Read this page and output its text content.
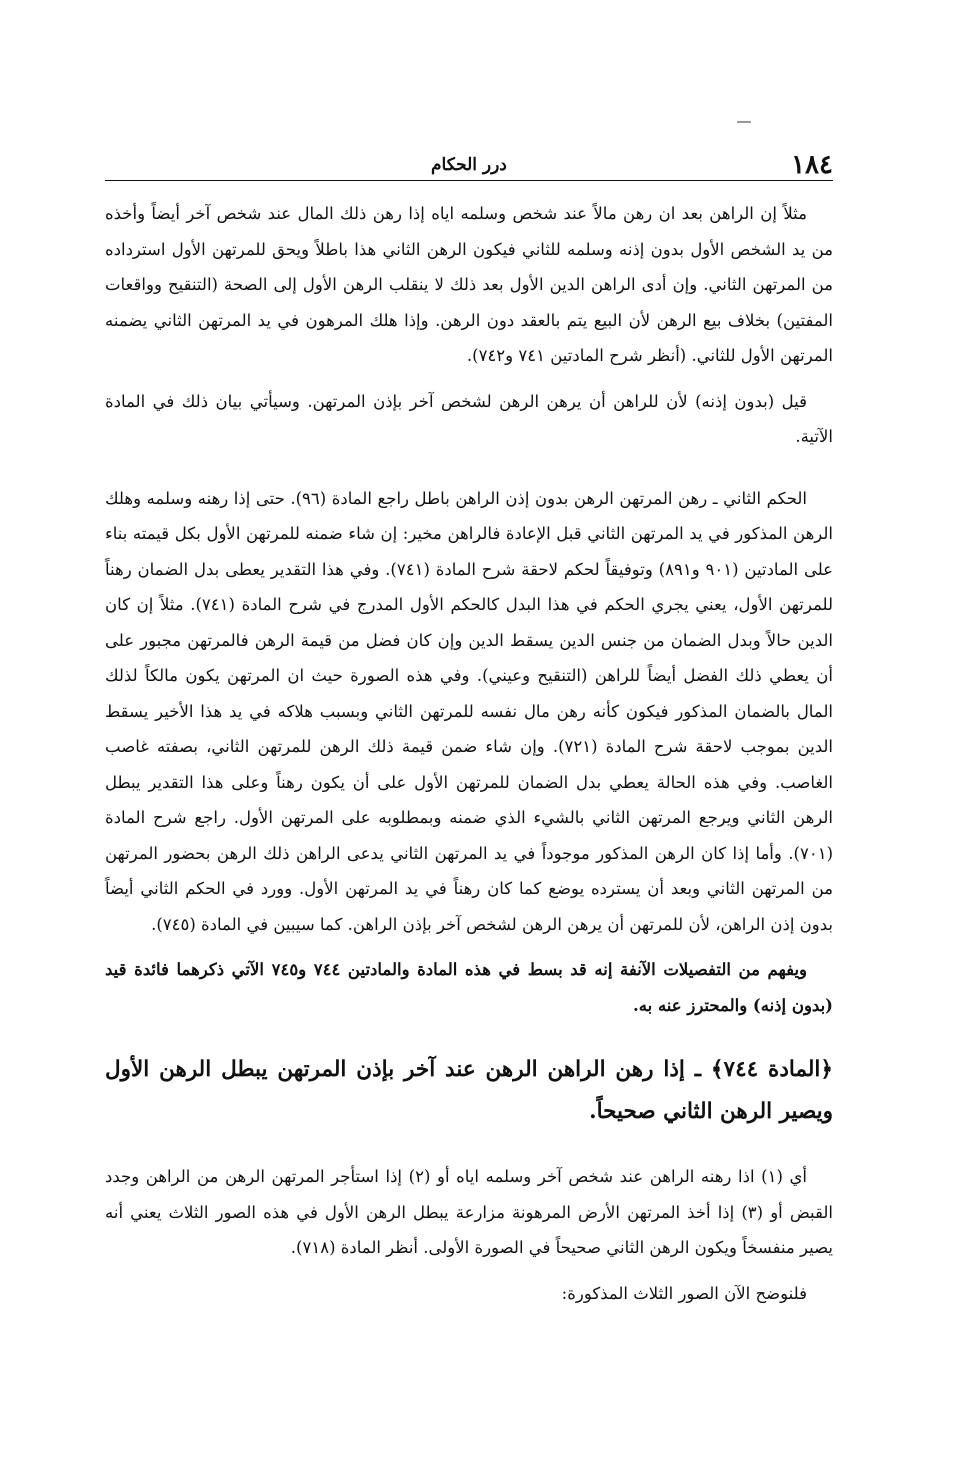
١٨٤
درر الحكام

مثلاً إن الراهن بعد ان رهن مالاً عند شخص وسلمه اياه إذا رهن ذلك المال عند شخص آخر أيضاً وأخذه من يد الشخص الأول بدون إذنه وسلمه للثاني فيكون الرهن الثاني هذا باطلاً ويحق للمرتهن الأول استرداده من المرتهن الثاني. وإن أدى الراهن الدين الأول بعد ذلك لا ينقلب الرهن الأول إلى الصحة (التنقيح وواقعات المفتين) بخلاف بيع الرهن لأن البيع يتم بالعقد دون الرهن. وإذا هلك المرهون في يد المرتهن الثاني يضمنه المرتهن الأول للثاني. (أنظر شرح المادتين ٧٤١ و٧٤٢).

قيل (بدون إذنه) لأن للراهن أن يرهن الرهن لشخص آخر بإذن المرتهن. وسيأتي بيان ذلك في المادة الآتية.

الحكم الثاني ـ رهن المرتهن الرهن بدون إذن الراهن باطل راجع المادة (٩٦). حتى إذا رهنه وسلمه وهلك الرهن المذكور في يد المرتهن الثاني قبل الإعادة فالراهن مخير: إن شاء ضمنه للمرتهن الأول بكل قيمته بناء على المادتين (٩٠١ و٨٩١) وتوفيقاً لحكم لاحقة شرح المادة (٧٤١). وفي هذا التقدير يعطى بدل الضمان رهناً للمرتهن الأول، يعني يجري الحكم في هذا البدل كالحكم الأول المدرج في شرح المادة (٧٤١). مثلاً إن كان الدين حالاً وبدل الضمان من جنس الدين يسقط الدين وإن كان فضل من قيمة الرهن فالمرتهن مجبور على أن يعطي ذلك الفضل أيضاً للراهن (التنقيح وعيني). وفي هذه الصورة حيث ان المرتهن يكون مالكاً لذلك المال بالضمان المذكور فيكون كأنه رهن مال نفسه للمرتهن الثاني وبسبب هلاكه في يد هذا الأخير يسقط الدين بموجب لاحقة شرح المادة (٧٢١). وإن شاء ضمن قيمة ذلك الرهن للمرتهن الثاني، بصفته غاصب الغاصب. وفي هذه الحالة يعطي بدل الضمان للمرتهن الأول على أن يكون رهناً وعلى هذا التقدير يبطل الرهن الثاني ويرجع المرتهن الثاني بالشيء الذي ضمنه وبمطلوبه على المرتهن الأول. راجع شرح المادة (٧٠١). وأما إذا كان الرهن المذكور موجوداً في يد المرتهن الثاني يدعى الراهن ذلك الرهن بحضور المرتهن من المرتهن الثاني وبعد أن يسترده يوضع كما كان رهناً في يد المرتهن الأول. وورد في الحكم الثاني أيضاً بدون إذن الراهن، لأن للمرتهن أن يرهن الرهن لشخص آخر بإذن الراهن. كما سيبين في المادة (٧٤٥).

ويفهم من التفصيلات الآنفة إنه قد بسط في هذه المادة والمادتين ٧٤٤ و٧٤٥ الآتي ذكرهما فائدة قيد (بدون إذنه) والمحترز عنه به.

﴿المادة ٧٤٤﴾ ـ إذا رهن الراهن الرهن عند آخر بإذن المرتهن يبطل الرهن الأول ويصير الرهن الثاني صحيحاً.

أي (١) اذا رهنه الراهن عند شخص آخر وسلمه اياه أو (٢) إذا استأجر المرتهن الرهن من الراهن وجدد القبض أو (٣) إذا أخذ المرتهن الأرض المرهونة مزارعة يبطل الرهن الأول في هذه الصور الثلاث يعني أنه يصير منفسخاً ويكون الرهن الثاني صحيحاً في الصورة الأولى. أنظر المادة (٧١٨).

فلنوضح الآن الصور الثلاث المذكورة:
